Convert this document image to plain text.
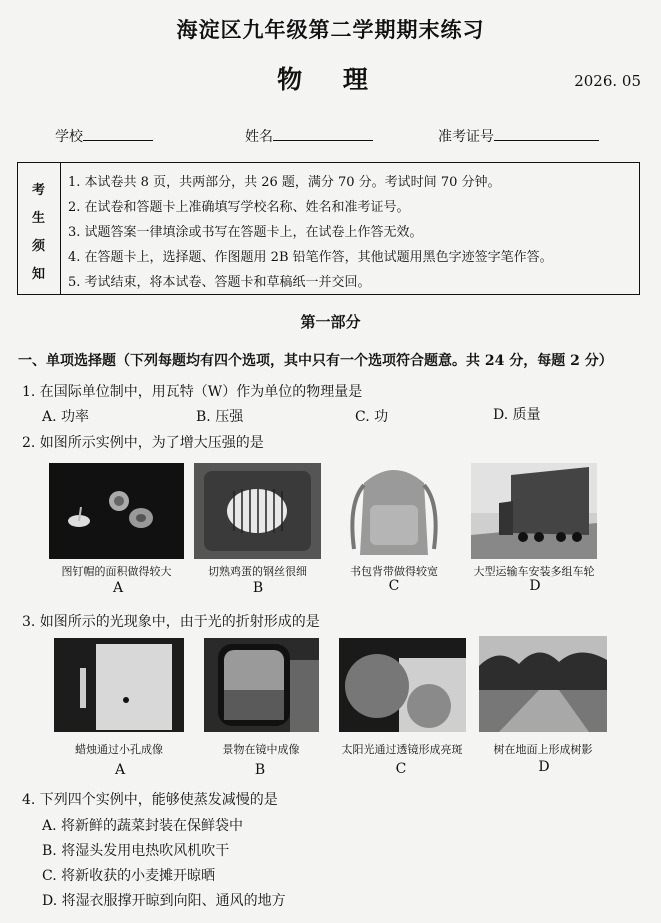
海淀区九年级第二学期期末练习
物 理	2026. 05
学校	姓名	准考证号
考
生
须
知
1. 本试卷共 8 页，共两部分，共 26 题，满分 70 分。考试时间 70 分钟。
2. 在试卷和答题卡上准确填写学校名称、姓名和准考证号。
3. 试题答案一律填涂或书写在答题卡上，在试卷上作答无效。
4. 在答题卡上，选择题、作图题用 2B 铅笔作答，其他试题用黑色字迹签字笔作答。
5. 考试结束，将本试卷、答题卡和草稿纸一并交回。
第一部分
一、单项选择题（下列每题均有四个选项，其中只有一个选项符合题意。共 24 分，每题 2 分）
1. 在国际单位制中，用瓦特（W）作为单位的物理量是
A. 功率	B. 压强	C. 功	D. 质量
2. 如图所示实例中，为了增大压强的是
图钉帽的面积做得较大	切熟鸡蛋的钢丝很细	书包背带做得较宽	大型运输车安装多组车轮
A	B	C	D
3. 如图所示的光现象中，由于光的折射形成的是
蜡烛通过小孔成像	景物在镜中成像	太阳光通过透镜形成亮斑	树在地面上形成树影
A	B	C	D
4. 下列四个实例中，能够使蒸发减慢的是
A. 将新鲜的蔬菜封装在保鲜袋中
B. 将湿头发用电热吹风机吹干
C. 将新收获的小麦摊开晾晒
D. 将湿衣服撑开晾到向阳、通风的地方
